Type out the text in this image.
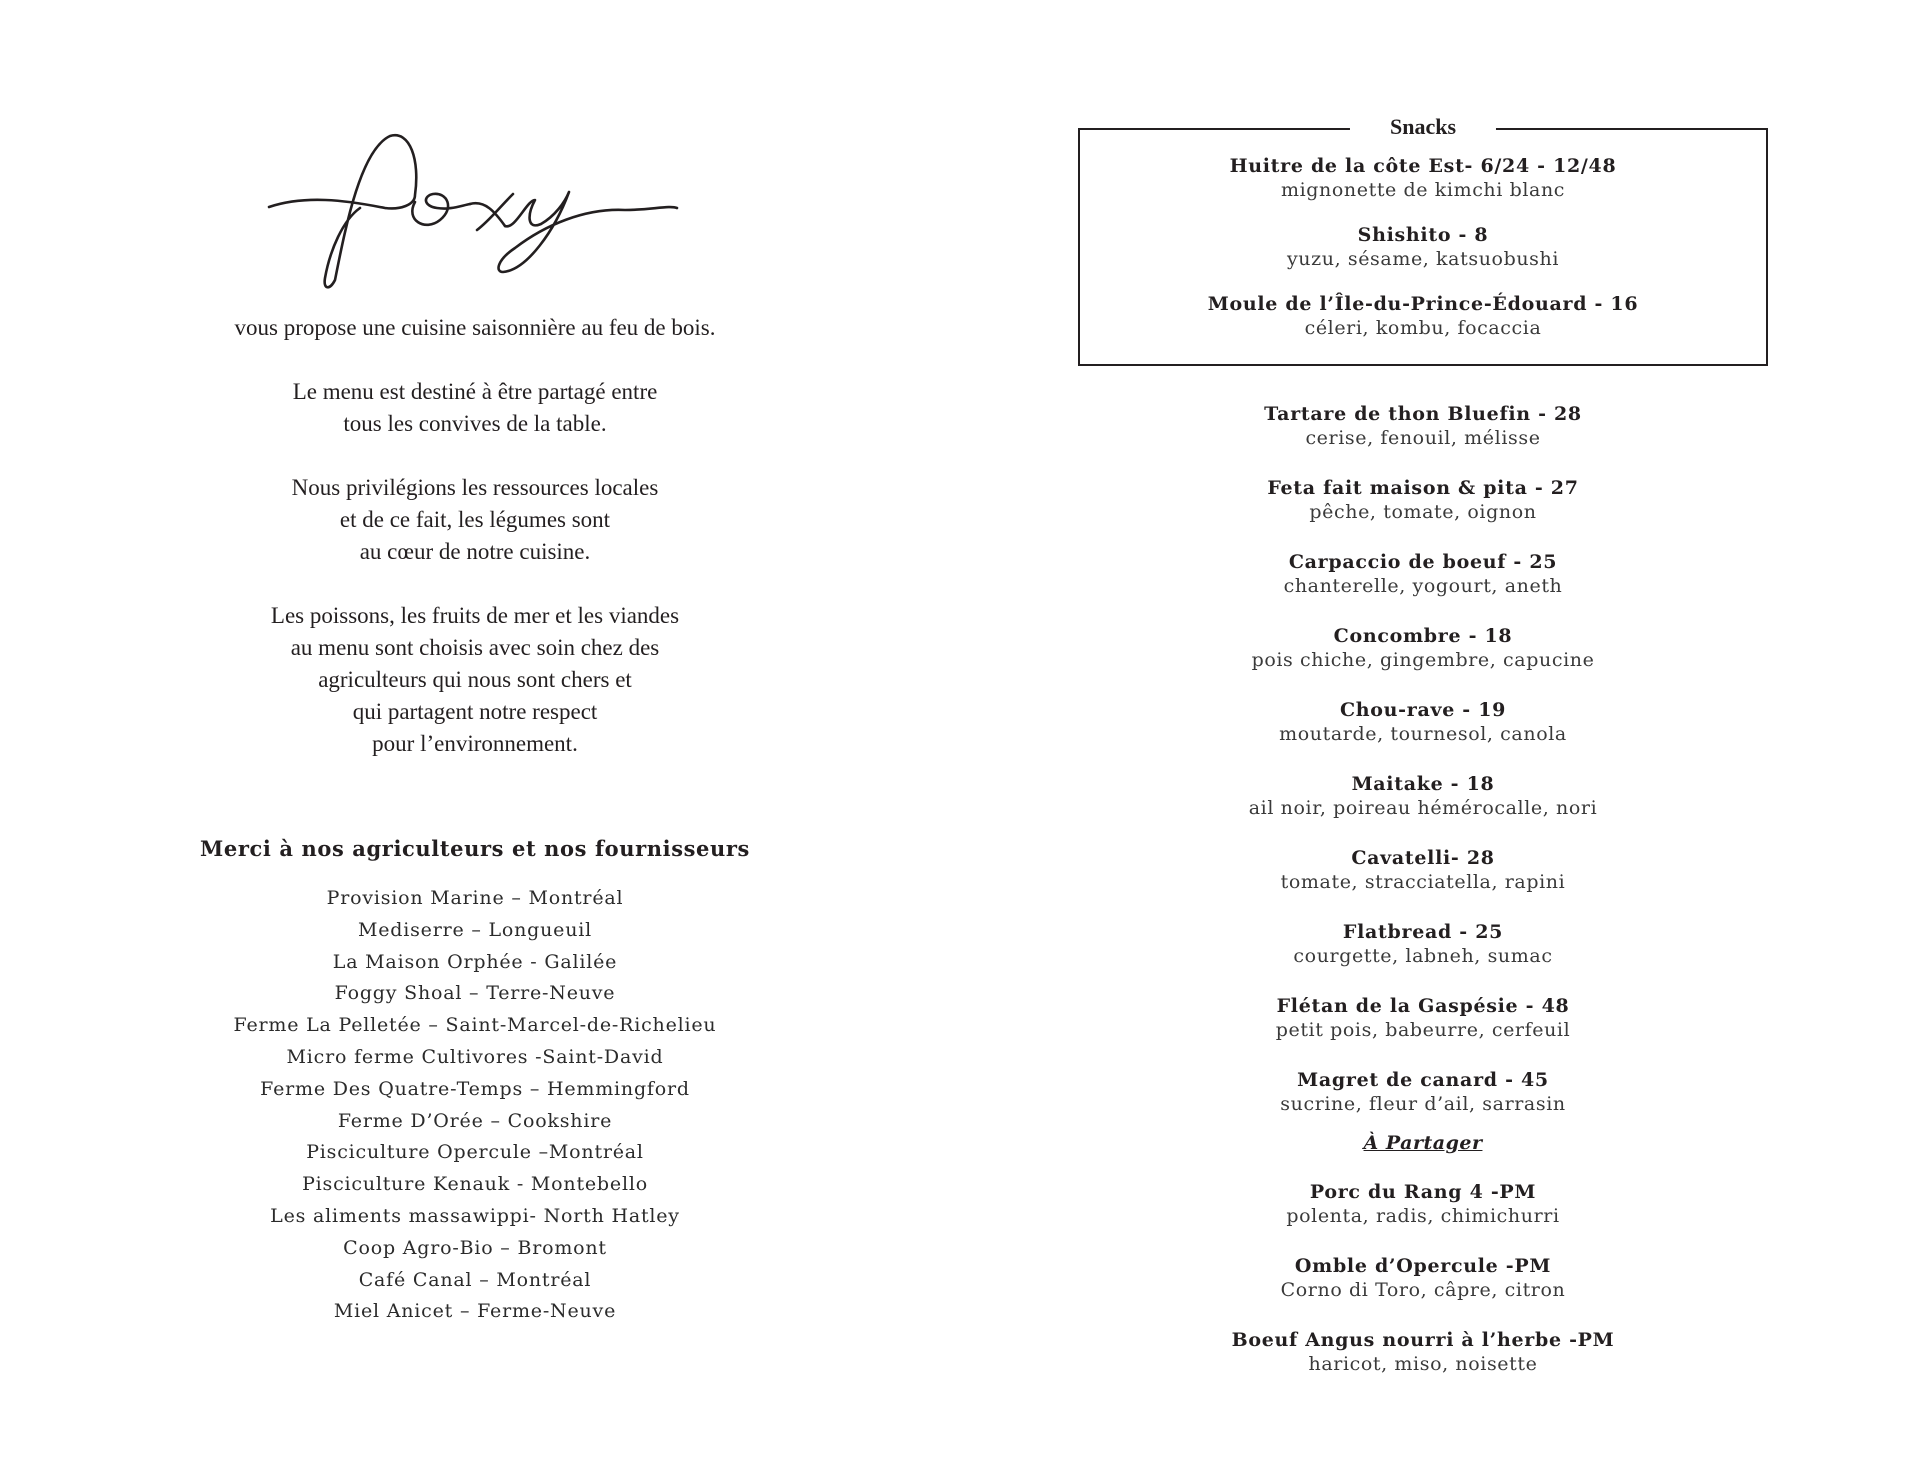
vous propose une cuisine saisonnière au feu de bois.

Le menu est destiné à être partagé entre
tous les convives de la table.

Nous privilégions les ressources locales
et de ce fait, les légumes sont
au cœur de notre cuisine.

Les poissons, les fruits de mer et les viandes
au menu sont choisis avec soin chez des
agriculteurs qui nous sont chers et
qui partagent notre respect
pour l’environnement.

Merci à nos agriculteurs et nos fournisseurs
Provision Marine – Montréal
Mediserre – Longueuil
La Maison Orphée - Galilée
Foggy Shoal – Terre-Neuve
Ferme La Pelletée – Saint-Marcel-de-Richelieu
Micro ferme Cultivores -Saint-David
Ferme Des Quatre-Temps – Hemmingford
Ferme D’Orée – Cookshire
Pisciculture Opercule –Montréal
Pisciculture Kenauk - Montebello
Les aliments massawippi- North Hatley
Coop Agro-Bio – Bromont
Café Canal – Montréal
Miel Anicet – Ferme-Neuve
Snacks
Huitre de la côte Est- 6/24 - 12/48
mignonette de kimchi blanc
Shishito - 8
yuzu, sésame, katsuobushi
Moule de l’Île-du-Prince-Édouard - 16
céleri, kombu, focaccia
Tartare de thon Bluefin - 28
cerise, fenouil, mélisse
Feta fait maison & pita - 27
pêche, tomate, oignon
Carpaccio de boeuf - 25
chanterelle, yogourt, aneth
Concombre - 18
pois chiche, gingembre, capucine
Chou-rave - 19
moutarde, tournesol, canola
Maitake - 18
ail noir, poireau hémérocalle, nori
Cavatelli- 28
tomate, stracciatella, rapini
Flatbread - 25
courgette, labneh, sumac
Flétan de la Gaspésie - 48
petit pois, babeurre, cerfeuil
Magret de canard - 45
sucrine, fleur d’ail, sarrasin
À Partager
Porc du Rang 4 -PM
polenta, radis, chimichurri
Omble d’Opercule -PM
Corno di Toro, câpre, citron
Boeuf Angus nourri à l’herbe -PM
haricot, miso, noisette
